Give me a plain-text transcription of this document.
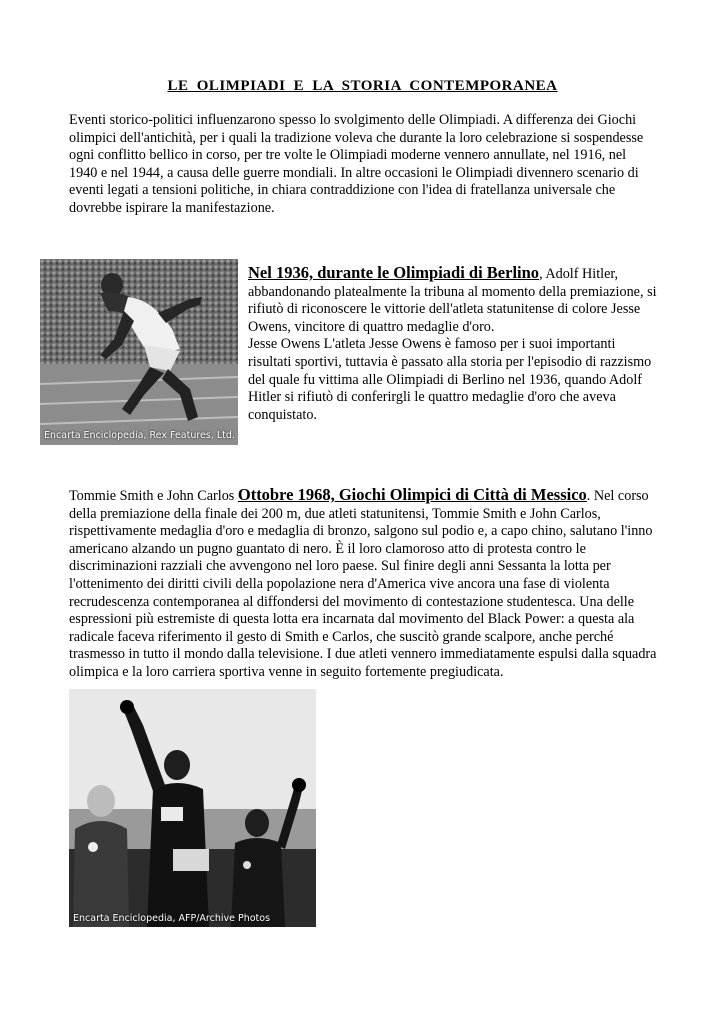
LE OLIMPIADI E LA STORIA CONTEMPORANEA
Eventi storico-politici influenzarono spesso lo svolgimento delle Olimpiadi. A differenza dei Giochi olimpici dell'antichità, per i quali la tradizione voleva che durante la loro celebrazione si sospendesse ogni conflitto bellico in corso, per tre volte le Olimpiadi moderne vennero annullate, nel 1916, nel 1940 e nel 1944, a causa delle guerre mondiali. In altre occasioni le Olimpiadi divennero scenario di eventi legati a tensioni politiche, in chiara contraddizione con l'idea di fratellanza universale che dovrebbe ispirare la manifestazione.
Encarta Enciclopedia, Rex Features, Ltd.
Nel 1936, durante le Olimpiadi di Berlino, Adolf Hitler, abbandonando platealmente la tribuna al momento della premiazione, si rifiutò di riconoscere le vittorie dell'atleta statunitense di colore Jesse Owens, vincitore di quattro medaglie d'oro.
Jesse Owens L'atleta Jesse Owens è famoso per i suoi importanti risultati sportivi, tuttavia è passato alla storia per l'episodio di razzismo del quale fu vittima alle Olimpiadi di Berlino nel 1936, quando Adolf Hitler si rifiutò di conferirgli le quattro medaglie d'oro che aveva conquistato.
Tommie Smith e John Carlos Ottobre 1968, Giochi Olimpici di Città di Messico. Nel corso della premiazione della finale dei 200 m, due atleti statunitensi, Tommie Smith e John Carlos, rispettivamente medaglia d'oro e medaglia di bronzo, salgono sul podio e, a capo chino, salutano l'inno americano alzando un pugno guantato di nero. È il loro clamoroso atto di protesta contro le discriminazioni razziali che avvengono nel loro paese. Sul finire degli anni Sessanta la lotta per l'ottenimento dei diritti civili della popolazione nera d'America vive ancora una fase di violenta recrudescenza contemporanea al diffondersi del movimento di contestazione studentesca. Una delle espressioni più estremiste di questa lotta era incarnata dal movimento del Black Power: a questa ala radicale faceva riferimento il gesto di Smith e Carlos, che suscitò grande scalpore, anche perché trasmesso in tutto il mondo dalla televisione. I due atleti vennero immediatamente espulsi dalla squadra olimpica e la loro carriera sportiva venne in seguito fortemente pregiudicata.
Encarta Enciclopedia, AFP/Archive Photos
